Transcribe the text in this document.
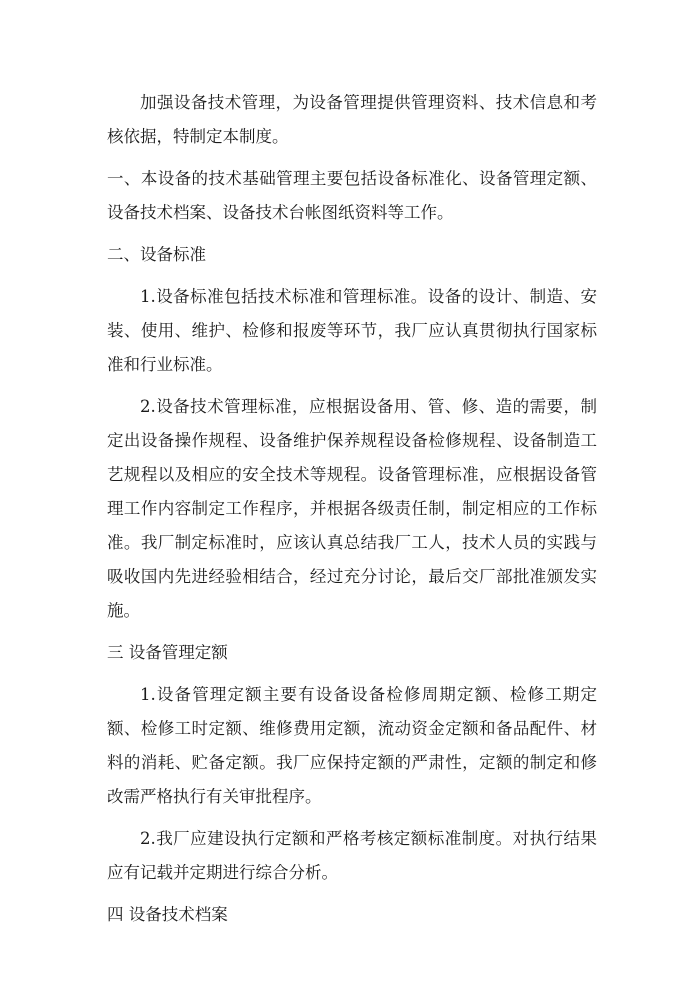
加强设备技术管理，为设备管理提供管理资料、技术信息和考核依据，特制定本制度。

一、本设备的技术基础管理主要包括设备标准化、设备管理定额、设备技术档案、设备技术台帐图纸资料等工作。

二、设备标准

1.设备标准包括技术标准和管理标准。设备的设计、制造、安装、使用、维护、检修和报废等环节，我厂应认真贯彻执行国家标准和行业标准。

2.设备技术管理标准，应根据设备用、管、修、造的需要，制定出设备操作规程、设备维护保养规程设备检修规程、设备制造工艺规程以及相应的安全技术等规程。设备管理标准，应根据设备管理工作内容制定工作程序，并根据各级责任制，制定相应的工作标准。我厂制定标准时，应该认真总结我厂工人，技术人员的实践与吸收国内先进经验相结合，经过充分讨论，最后交厂部批准颁发实施。

三 设备管理定额

1.设备管理定额主要有设备设备检修周期定额、检修工期定额、检修工时定额、维修费用定额，流动资金定额和备品配件、材料的消耗、贮备定额。我厂应保持定额的严肃性，定额的制定和修改需严格执行有关审批程序。

2.我厂应建设执行定额和严格考核定额标准制度。对执行结果应有记载并定期进行综合分析。

四 设备技术档案
